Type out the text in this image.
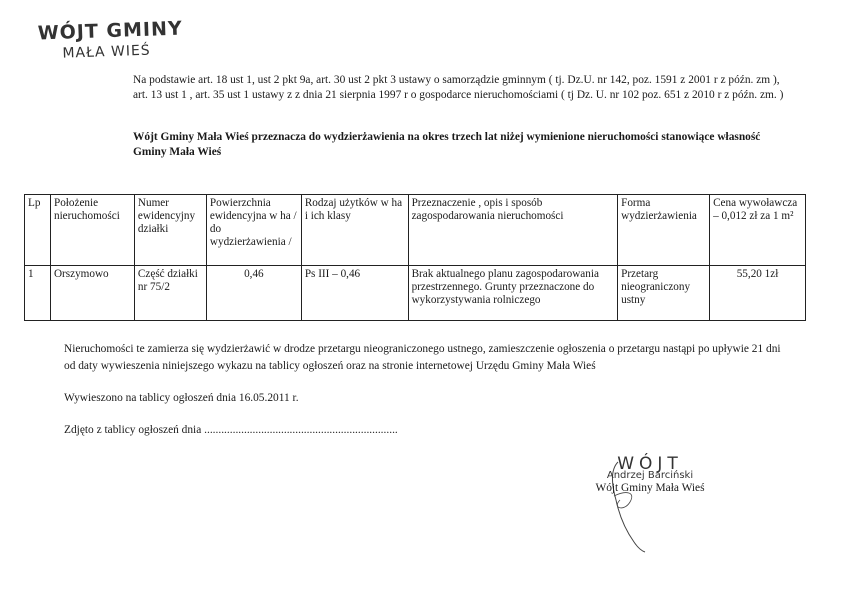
WÓJT GMINY
MAŁA WIEŚ
Na podstawie art. 18 ust 1, ust 2 pkt 9a, art. 30 ust 2 pkt 3 ustawy o samorządzie gminnym ( tj. Dz.U. nr 142, poz. 1591 z 2001 r z późn. zm ), art. 13 ust 1 , art. 35 ust 1 ustawy z z dnia 21 sierpnia 1997 r o gospodarce nieruchomościami ( tj Dz. U. nr 102 poz. 651 z 2010 r z późn. zm. )
Wójt Gminy Mała Wieś przeznacza do wydzierżawienia na okres trzech lat niżej wymienione nieruchomości stanowiące własność Gminy Mała Wieś
Lp	Położenie nieruchomości	Numer ewidencyjny działki	Powierzchnia ewidencyjna w ha / do wydzierżawienia /	Rodzaj użytków w ha i ich klasy	Przeznaczenie , opis i sposób zagospodarowania nieruchomości	Forma wydzierżawienia	Cena wywoławcza – 0,012 zł za 1 m²
1	Orszymowo	Część działki nr 75/2	0,46	Ps III – 0,46	Brak aktualnego planu zagospodarowania przestrzennego. Grunty przeznaczone do wykorzystywania rolniczego	Przetarg nieograniczony ustny	55,20 1zł
Nieruchomości te zamierza się wydzierżawić w drodze przetargu nieograniczonego ustnego, zamieszczenie ogłoszenia o przetargu nastąpi po upływie 21 dni od daty wywieszenia niniejszego wykazu na tablicy ogłoszeń oraz na stronie internetowej Urzędu Gminy Mała Wieś
Wywieszono na tablicy ogłoszeń dnia 16.05.2011 r.
Zdjęto z tablicy ogłoszeń dnia ....................................................................
WÓJT
Andrzej Barciński
Wójt Gminy Mała Wieś
